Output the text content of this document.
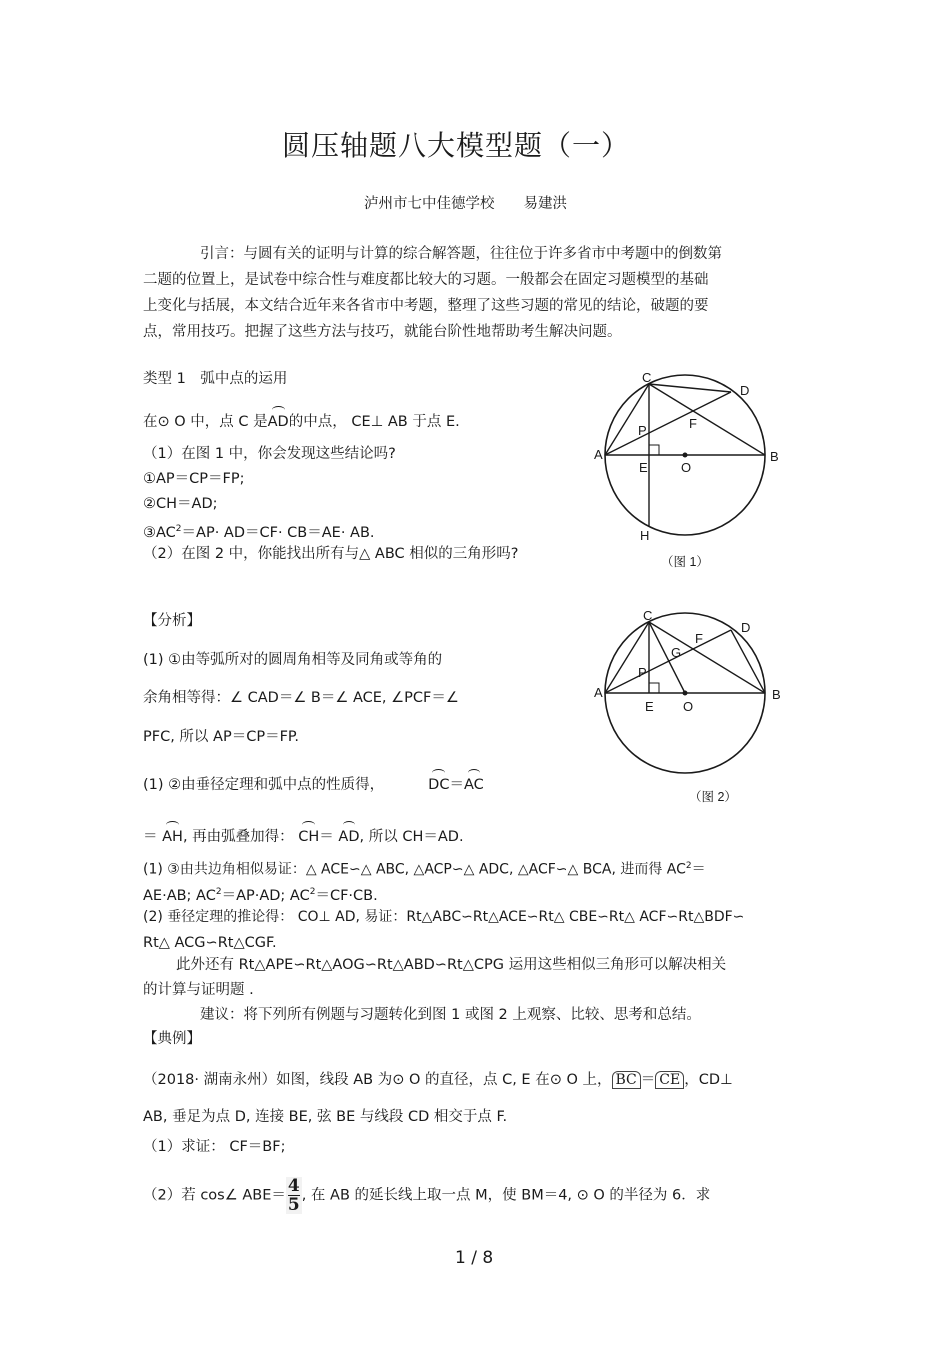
圆压轴题八大模型题（一）
泸州市七中佳德学校　　易建洪
引言：与圆有关的证明与计算的综合解答题，往往位于许多省市中考题中的倒数第
二题的位置上，是试卷中综合性与难度都比较大的习题。一般都会在固定习题模型的基础
上变化与括展，本文结合近年来各省市中考题，整理了这些习题的常见的结论，破题的要
点，常用技巧。把握了这些方法与技巧，就能台阶性地帮助考生解决问题。
类型 1　弧中点的运用
在⊙ O 中，点 C 是AD的中点， CE⊥ AB 于点 E.
（1）在图 1 中，你会发现这些结论吗?
①AP＝CP＝FP;
②CH＝AD;
$③AC^2=AP\cdot AD=CF\cdot CB=AE\cdot$ AB.
（2）在图 2 中，你能找出所有与△ ABC 相似的三角形吗?
C
D
P	F
A	B
E	O
H
（图 1）
【分析】
(1) ①由等弧所对的圆周角相等及同角或等角的
余角相等得：∠ CAD＝∠ B＝∠ ACE, ∠PCF＝∠
PFC, 所以 AP＝CP＝FP.
(1) ②由垂径定理和弧中点的性质得，	DC＝AC
＝ AH, 再由弧叠加得： CH＝ AD, 所以 CH＝AD.
(1) ③由共边角相似易证：△ ACE∽△ ABC, △ACP∽△ ADC, △ACF∽△ BCA, 进而得 $AC^2=$
AE·AB; $AC^2=AP\cdot AD$; $AC^2=CF\cdot CB$.
(2) 垂径定理的推论得： CO⊥ AD, 易证：Rt△ABC∽Rt△ACE∽Rt△ CBE∽Rt△ ACF∽Rt△BDF∽
Rt△ ACG∽Rt△CGF.
此外还有 Rt△APE∽Rt△AOG∽Rt△ABD∽Rt△CPG 运用这些相似三角形可以解决相关
的计算与证明题 .
建议：将下列所有例题与习题转化到图 1 或图 2 上观察、比较、思考和总结。
C
D
F
G
P
A	B
E O
（图 2）
【典例】
（2018· 湖南永州）如图，线段 AB 为⊙ O 的直径，点 C, E 在⊙ O 上， BC ＝ CE ，CD⊥
AB, 垂足为点 D, 连接 BE, 弦 BE 与线段 CD 相交于点 F.
（1）求证： CF＝BF;
（2）若 cos∠ $ABE= \frac{4}{5}$ , 在 AB 的延长线上取一点 M，使 BM＝4, ⊙ O 的半径为 6．求
1 / 8
